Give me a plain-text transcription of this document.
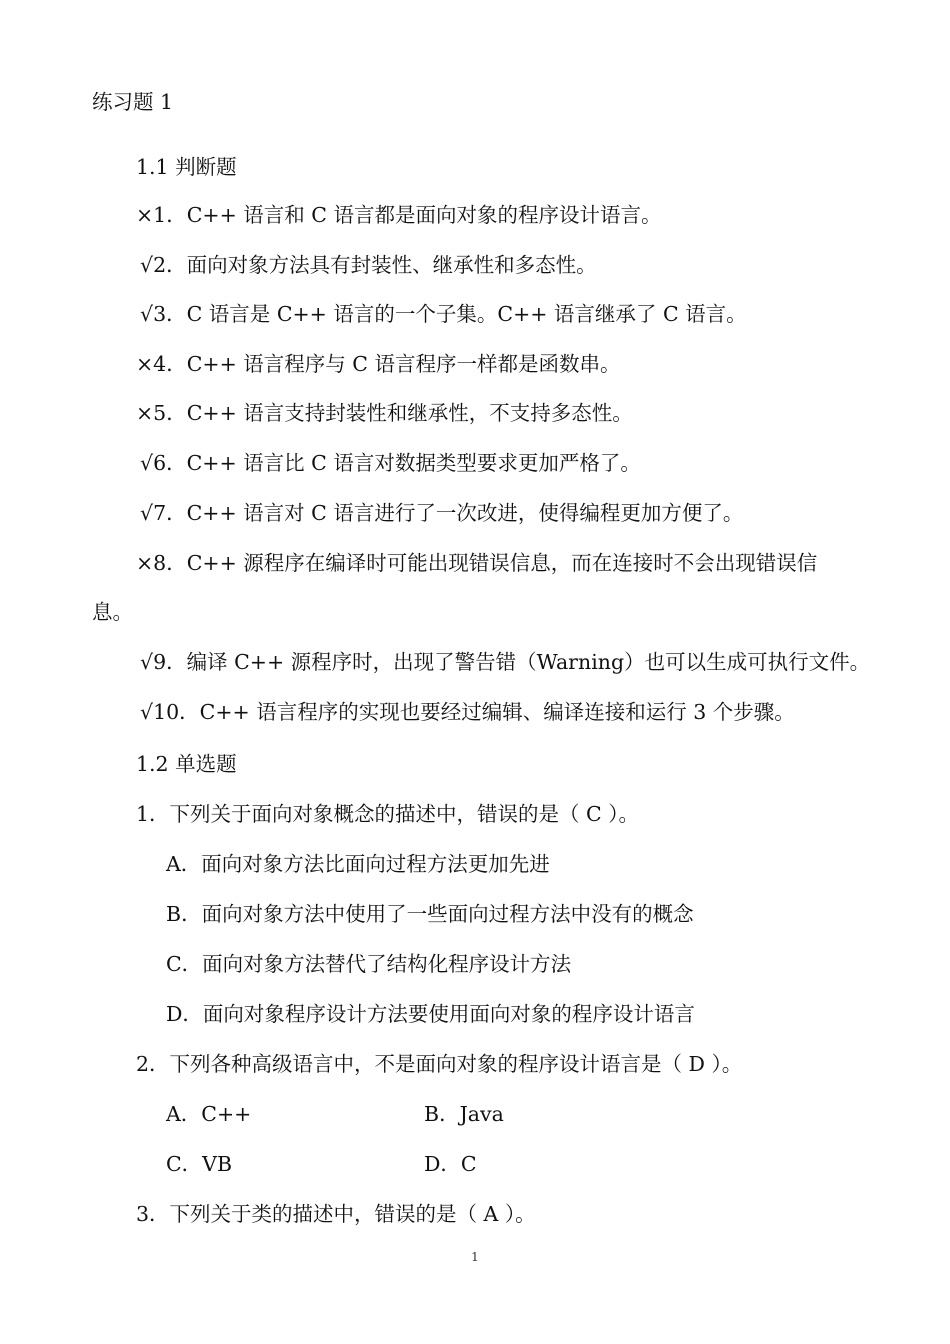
练习题 1
1.1 判断题
×1．C++ 语言和 C 语言都是面向对象的程序设计语言。
√2．面向对象方法具有封装性、继承性和多态性。
√3．C 语言是 C++ 语言的一个子集。C++ 语言继承了 C 语言。
×4．C++ 语言程序与 C 语言程序一样都是函数串。
×5．C++ 语言支持封装性和继承性，不支持多态性。
√6．C++ 语言比 C 语言对数据类型要求更加严格了。
√7．C++ 语言对 C 语言进行了一次改进，使得编程更加方便了。
×8．C++ 源程序在编译时可能出现错误信息，而在连接时不会出现错误信
息。
√9．编译 C++ 源程序时，出现了警告错（Warning）也可以生成可执行文件。
√10．C++ 语言程序的实现也要经过编辑、编译连接和运行 3 个步骤。
1.2 单选题
1．下列关于面向对象概念的描述中，错误的是（ C ）。
A．面向对象方法比面向过程方法更加先进
B．面向对象方法中使用了一些面向过程方法中没有的概念
C．面向对象方法替代了结构化程序设计方法
D．面向对象程序设计方法要使用面向对象的程序设计语言
2．下列各种高级语言中，不是面向对象的程序设计语言是（ D ）。
A．C++	B．Java
C．VB	D．C
3．下列关于类的描述中，错误的是（ A ）。
1
